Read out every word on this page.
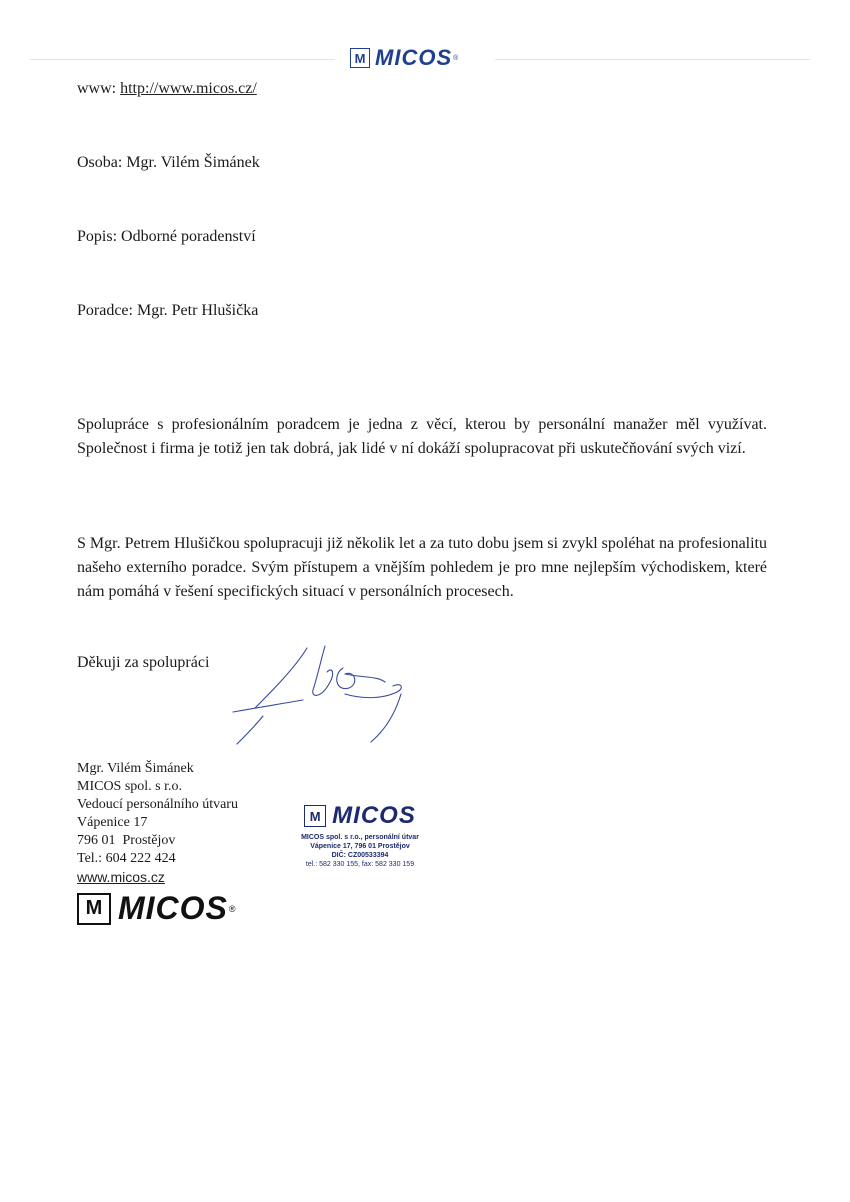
M MICOS ®
www: http://www.micos.cz/
Osoba: Mgr. Vilém Šimánek
Popis: Odborné poradenství
Poradce: Mgr. Petr Hlušička
Spolupráce s profesionálním poradcem je jedna z věcí, kterou by personální manažer měl využívat. Společnost i firma je totiž jen tak dobrá, jak lidé v ní dokáží spolupracovat při uskutečňování svých vizí.
S Mgr. Petrem Hlušičkou spolupracuji již několik let a za tuto dobu jsem si zvykl spoléhat na profesionalitu našeho externího poradce. Svým přístupem a vnějším pohledem je pro mne nejlepším východiskem, které nám pomáhá v řešení specifických situací v personálních procesech.
Děkuji za spolupráci
Mgr. Vilém Šimánek
MICOS spol. s r.o.
Vedoucí personálního útvaru
Vápenice 17
796 01  Prostějov
Tel.: 604 222 424
www.micos.cz
M MICOS ®
M MICOS
MICOS spol. s r.o., personální útvar
Vápenice 17, 796 01 Prostějov
DIČ: CZ00533394
tel.: 582 330 155, fax: 582 330 159
